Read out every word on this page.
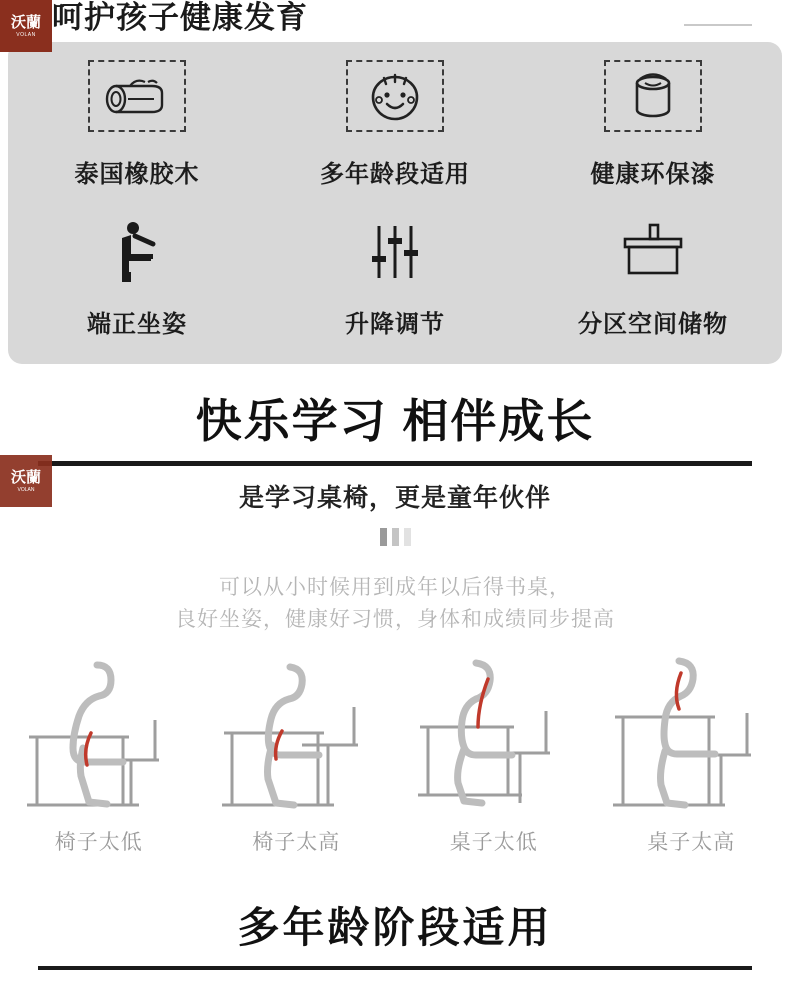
呵护孩子健康发育
泰国橡胶木	多年龄段适用	健康环保漆
端正坐姿	升降调节	分区空间储物
快乐学习 相伴成长
是学习桌椅，更是童年伙伴
可以从小时候用到成年以后得书桌，
良好坐姿，健康好习惯，身体和成绩同步提高
椅子太低	椅子太高	桌子太低	桌子太高
多年龄阶段适用
沃蘭
VOLAN
沃蘭
VOLAN
